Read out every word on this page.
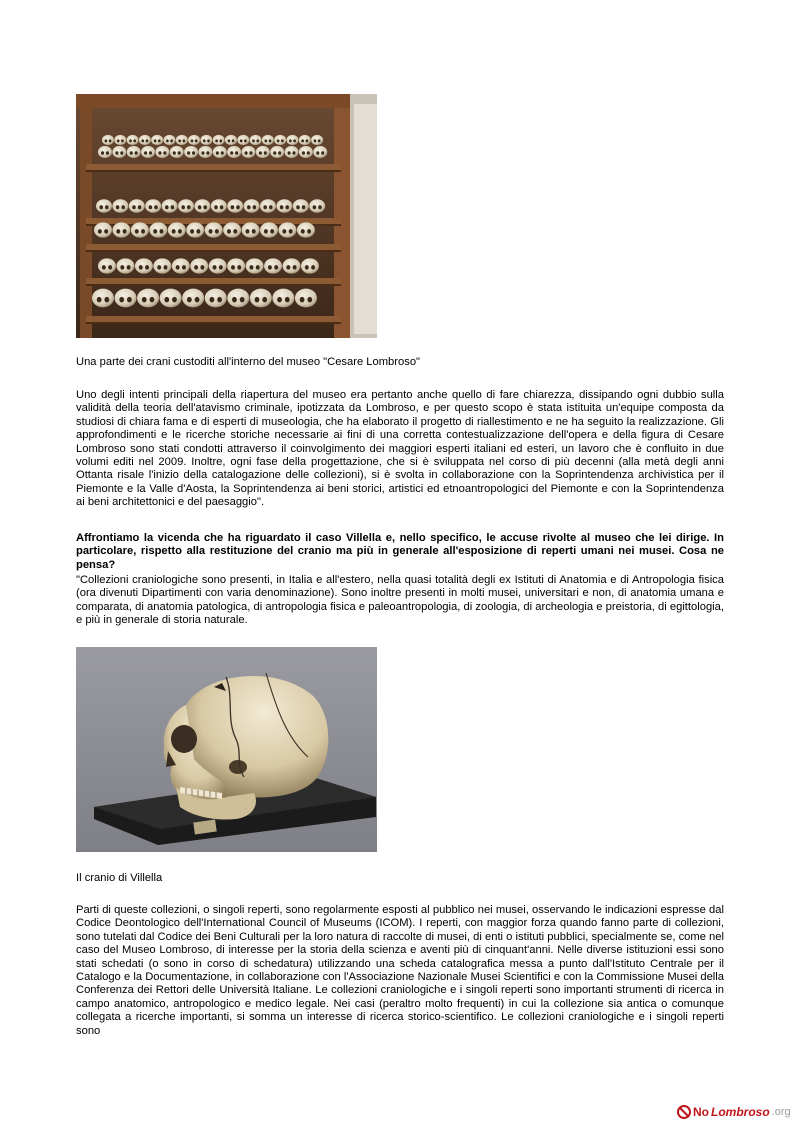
Una parte dei crani custoditi all'interno del museo "Cesare Lombroso"

Uno degli intenti principali della riapertura del museo era pertanto anche quello di fare chiarezza, dissipando ogni dubbio sulla validità della teoria dell'atavismo criminale, ipotizzata da Lombroso, e per questo scopo è stata istituita un'equipe composta da studiosi di chiara fama e di esperti di museologia, che ha elaborato il progetto di riallestimento e ne ha seguito la realizzazione. Gli approfondimenti e le ricerche storiche necessarie ai fini di una corretta contestualizzazione dell'opera e della figura di Cesare Lombroso sono stati condotti attraverso il coinvolgimento dei maggiori esperti italiani ed esteri, un lavoro che è confluito in due volumi editi nel 2009. Inoltre, ogni fase della progettazione, che si è sviluppata nel corso di più decenni (alla metà degli anni Ottanta risale l'inizio della catalogazione delle collezioni), si è svolta in collaborazione con la Soprintendenza archivistica per il Piemonte e la Valle d'Aosta, la Soprintendenza ai beni storici, artistici ed etnoantropologici del Piemonte e con la Soprintendenza ai beni architettonici e del paesaggio".

Affrontiamo la vicenda che ha riguardato il caso Villella e, nello specifico, le accuse rivolte al museo che lei dirige. In particolare, rispetto alla restituzione del cranio ma più in generale all'esposizione di reperti umani nei musei. Cosa ne pensa?

"Collezioni craniologiche sono presenti, in Italia e all'estero, nella quasi totalità degli ex Istituti di Anatomia e di Antropologia fisica (ora divenuti Dipartimenti con varia denominazione). Sono inoltre presenti in molti musei, universitari e non, di anatomia umana e comparata, di anatomia patologica, di antropologia fisica e paleoantropologia, di zoologia, di archeologia e preistoria, di egittologia, e più in generale di storia naturale.

Il cranio di Villella

Parti di queste collezioni, o singoli reperti, sono regolarmente esposti al pubblico nei musei, osservando le indicazioni espresse dal Codice Deontologico dell'International Council of Museums (ICOM). I reperti, con maggior forza quando fanno parte di collezioni, sono tutelati dal Codice dei Beni Culturali per la loro natura di raccolte di musei, di enti o istituti pubblici, specialmente se, come nel caso del Museo Lombroso, di interesse per la storia della scienza e aventi più di cinquant'anni. Nelle diverse istituzioni essi sono stati schedati (o sono in corso di schedatura) utilizzando una scheda catalografica messa a punto dall'Istituto Centrale per il Catalogo e la Documentazione, in collaborazione con l'Associazione Nazionale Musei Scientifici e con la Commissione Musei della Conferenza dei Rettori delle Università Italiane. Le collezioni craniologiche e i singoli reperti sono importanti strumenti di ricerca in campo anatomico, antropologico e medico legale. Nei casi (peraltro molto frequenti) in cui la collezione sia antica o comunque collegata a ricerche importanti, si somma un interesse di ricerca storico-scientifico. Le collezioni craniologiche e i singoli reperti sono

No Lombroso .org
